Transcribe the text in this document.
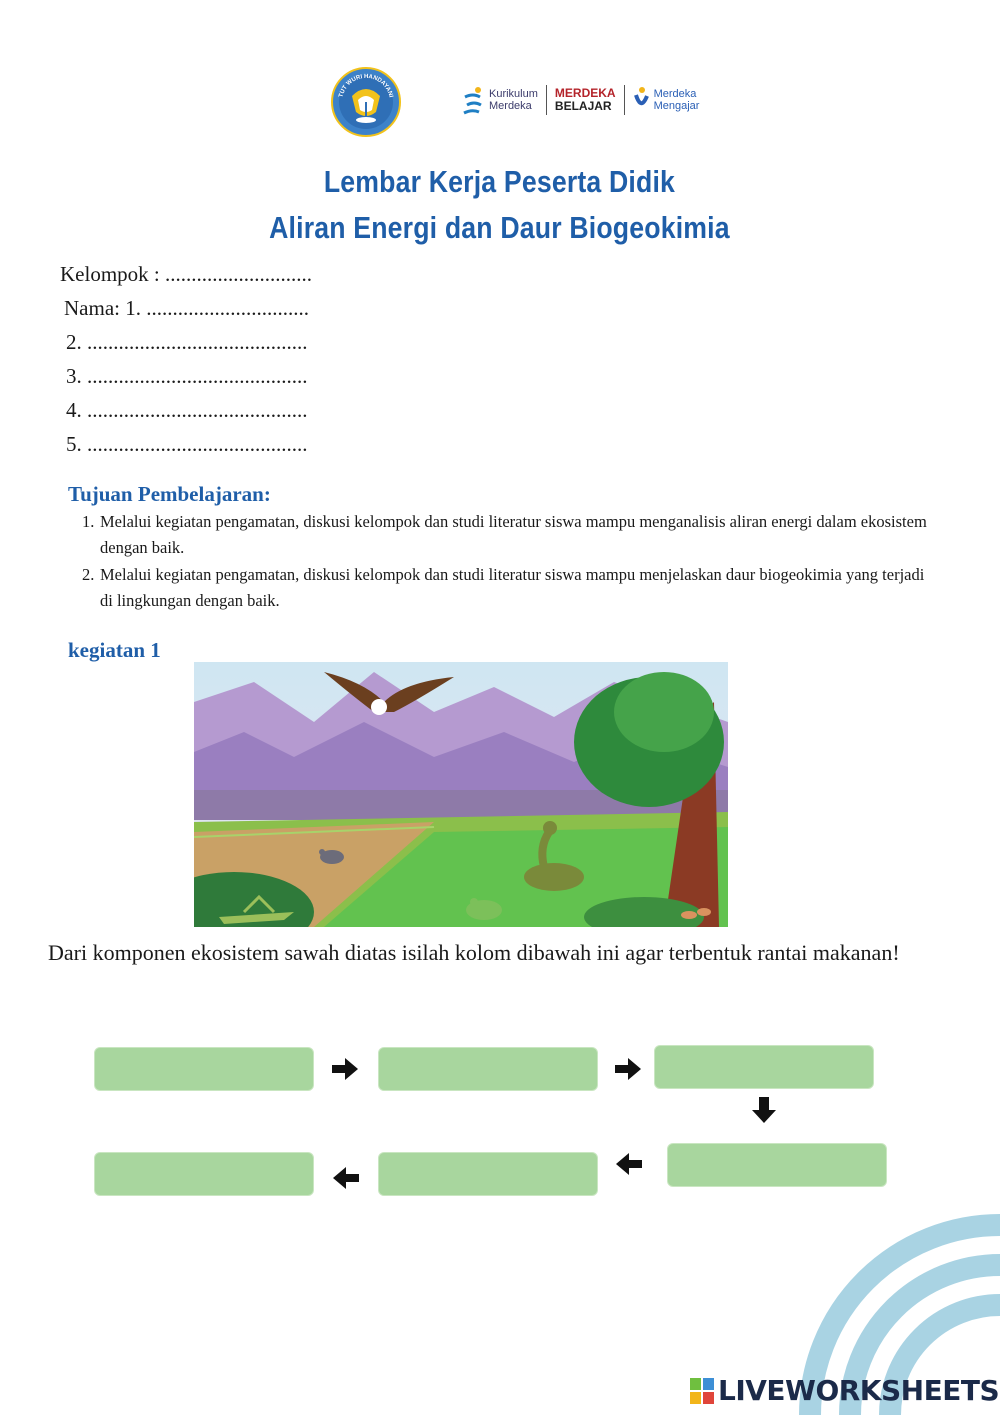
TUT WURI HANDAYANI	Kurikulum
Merdeka
MERDEKA
BELAJAR
Merdeka
Mengajar
Lembar Kerja Peserta Didik
Aliran Energi dan Daur Biogeokimia
Kelompok : ............................
Nama: 1. ...............................
2. ..........................................
3. ..........................................
4. ..........................................
5. ..........................................
Tujuan Pembelajaran:
1. Melalui kegiatan pengamatan, diskusi kelompok dan studi literatur siswa mampu menganalisis aliran energi dalam ekosistem dengan baik.
2. Melalui kegiatan pengamatan, diskusi kelompok dan studi literatur siswa mampu menjelaskan daur biogeokimia yang terjadi di lingkungan dengan baik.
kegiatan 1
Dari komponen ekosistem sawah diatas isilah kolom dibawah ini agar terbentuk rantai makanan!
LIVEWORKSHEETS
